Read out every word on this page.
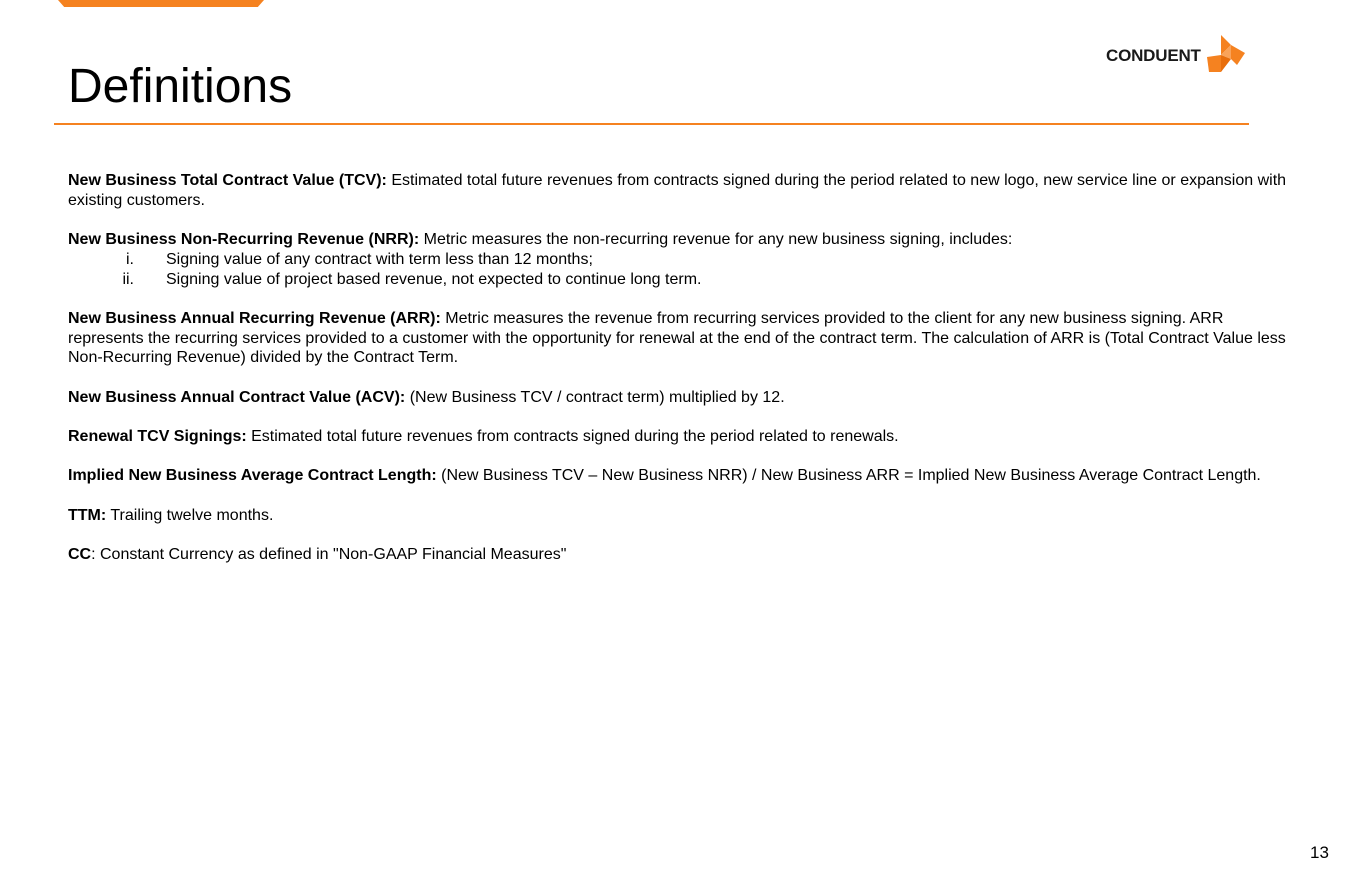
Definitions
CONDUENT

New Business Total Contract Value (TCV): Estimated total future revenues from contracts signed during the period related to new logo, new service line or expansion with existing customers.

New Business Non-Recurring Revenue (NRR): Metric measures the non-recurring revenue for any new business signing, includes:
i.	Signing value of any contract with term less than 12 months;
ii.	Signing value of project based revenue, not expected to continue long term.

New Business Annual Recurring Revenue (ARR): Metric measures the revenue from recurring services provided to the client for any new business signing. ARR represents the recurring services provided to a customer with the opportunity for renewal at the end of the contract term. The calculation of ARR is (Total Contract Value less Non-Recurring Revenue) divided by the Contract Term.

New Business Annual Contract Value (ACV): (New Business TCV / contract term) multiplied by 12.

Renewal TCV Signings: Estimated total future revenues from contracts signed during the period related to renewals.

Implied New Business Average Contract Length: (New Business TCV – New Business NRR) / New Business ARR = Implied New Business Average Contract Length.

TTM: Trailing twelve months.

CC: Constant Currency as defined in "Non-GAAP Financial Measures"

13
